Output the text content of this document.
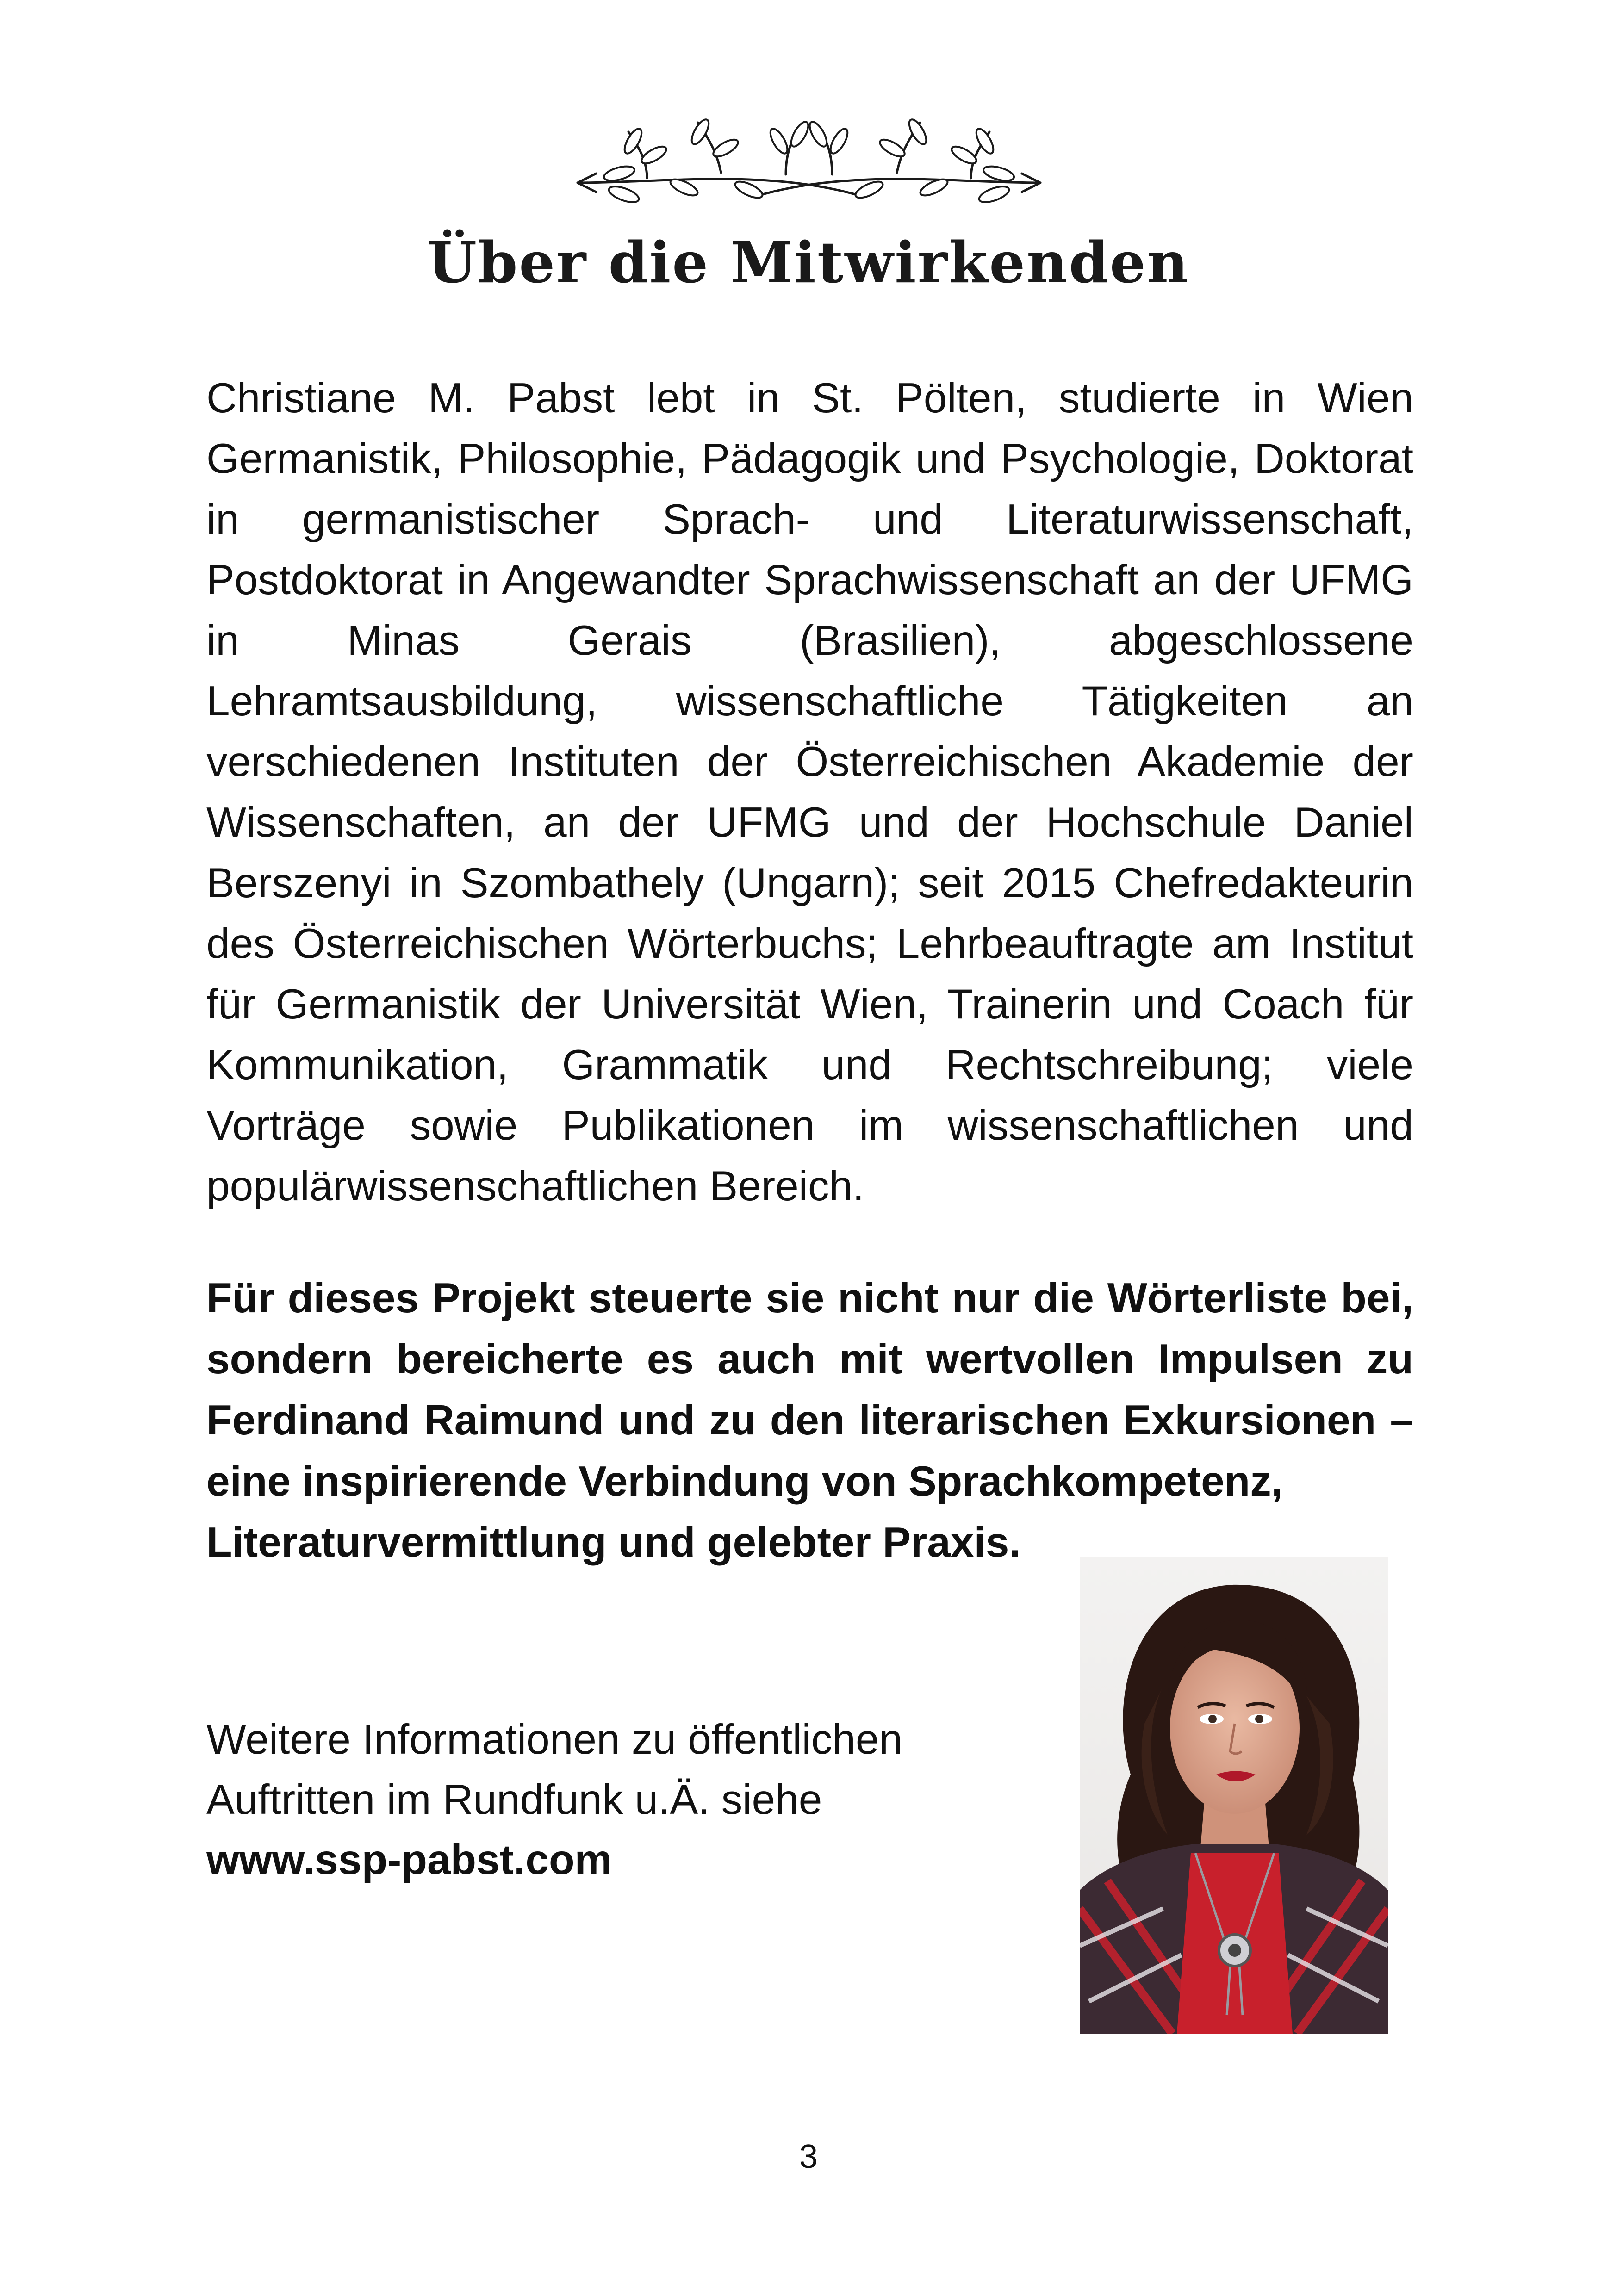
Über die Mitwirkenden

Christiane M. Pabst lebt in St. Pölten, studierte in Wien Germanistik, Philosophie, Pädagogik und Psychologie, Doktorat in germanistischer Sprach- und Literaturwissenschaft, Postdoktorat in Angewandter Sprachwissenschaft an der UFMG in Minas Gerais (Brasilien), abgeschlossene Lehramtsausbildung, wissenschaftliche Tätigkeiten an verschiedenen Instituten der Österreichischen Akademie der Wissenschaften, an der UFMG und der Hochschule Daniel Berszenyi in Szombathely (Ungarn); seit 2015 Chefredakteurin des Österreichischen Wörterbuchs; Lehrbeauftragte am Institut für Germanistik der Universität Wien, Trainerin und Coach für Kommunikation, Grammatik und Rechtschreibung; viele Vorträge sowie Publikationen im wissenschaftlichen und populärwissenschaftlichen Bereich.

Für dieses Projekt steuerte sie nicht nur die Wörterliste bei, sondern bereicherte es auch mit wertvollen Impulsen zu Ferdinand Raimund und zu den literarischen Exkursionen – eine inspirierende Verbindung von Sprachkompetenz,
Literaturvermittlung und gelebter Praxis.

Weitere Informationen zu öffentlichen
Auftritten im Rundfunk u.Ä. siehe
www.ssp-pabst.com

3
